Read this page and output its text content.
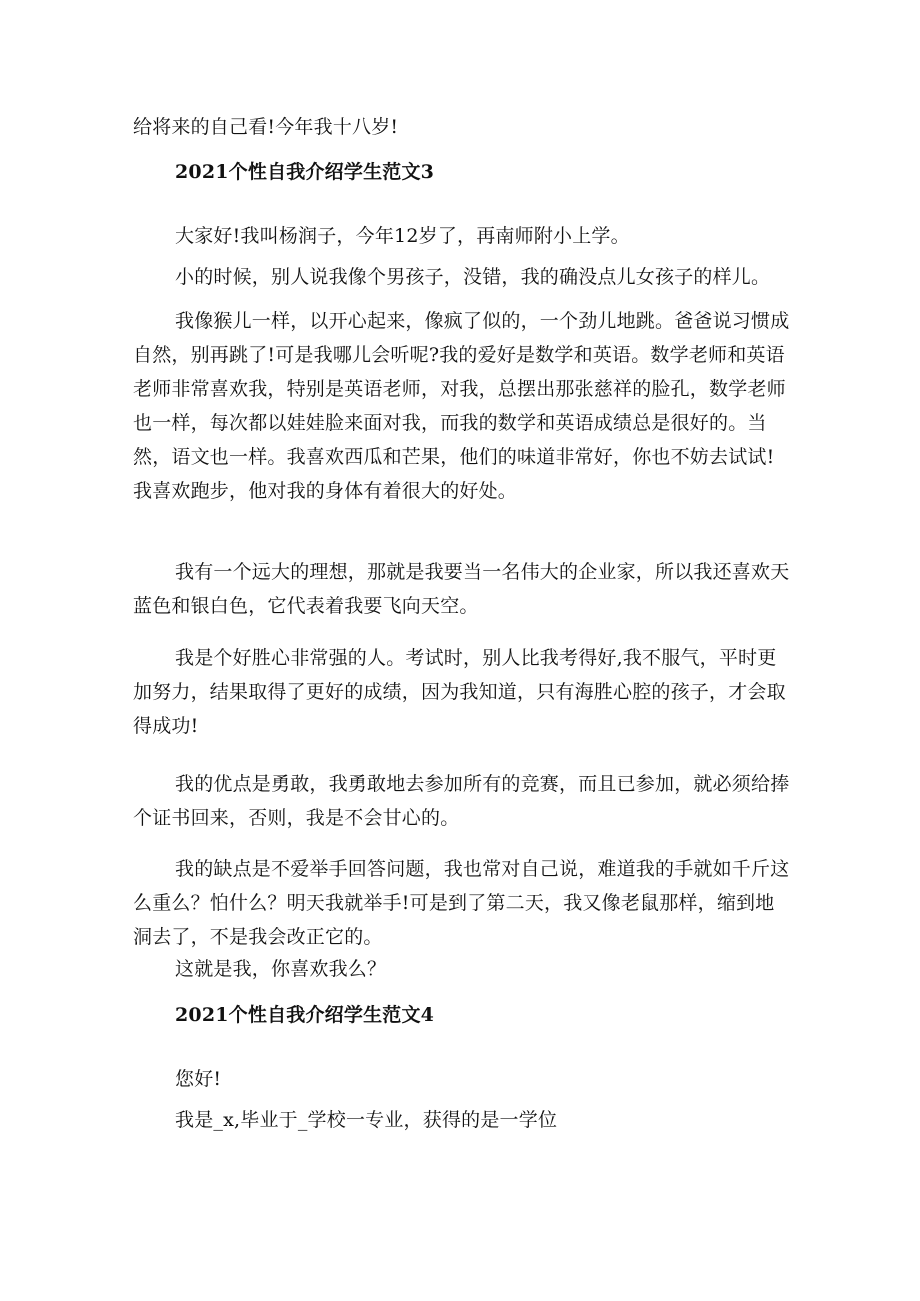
给将来的自己看!今年我十八岁!

2021个性自我介绍学生范文3

大家好!我叫杨润子，今年12岁了，再南师附小上学。

小的时候，别人说我像个男孩子，没错，我的确没点儿女孩子的样儿。

我像猴儿一样，以开心起来，像疯了似的，一个劲儿地跳。爸爸说习惯成自然，别再跳了!可是我哪儿会听呢?我的爱好是数学和英语。数学老师和英语老师非常喜欢我，特别是英语老师，对我，总摆出那张慈祥的脸孔，数学老师也一样，每次都以娃娃脸来面对我，而我的数学和英语成绩总是很好的。当然，语文也一样。我喜欢西瓜和芒果，他们的味道非常好，你也不妨去试试!我喜欢跑步，他对我的身体有着很大的好处。

我有一个远大的理想，那就是我要当一名伟大的企业家，所以我还喜欢天蓝色和银白色，它代表着我要飞向天空。

我是个好胜心非常强的人。考试时，别人比我考得好,我不服气，平时更加努力，结果取得了更好的成绩，因为我知道，只有海胜心腔的孩子，才会取得成功!

我的优点是勇敢，我勇敢地去参加所有的竞赛，而且已参加，就必须给捧个证书回来，否则，我是不会甘心的。

我的缺点是不爱举手回答问题，我也常对自己说，难道我的手就如千斤这么重么？怕什么？明天我就举手!可是到了第二天，我又像老鼠那样，缩到地洞去了，不是我会改正它的。

这就是我，你喜欢我么？

2021个性自我介绍学生范文4

您好!

我是_x,毕业于_学校一专业，获得的是一学位
